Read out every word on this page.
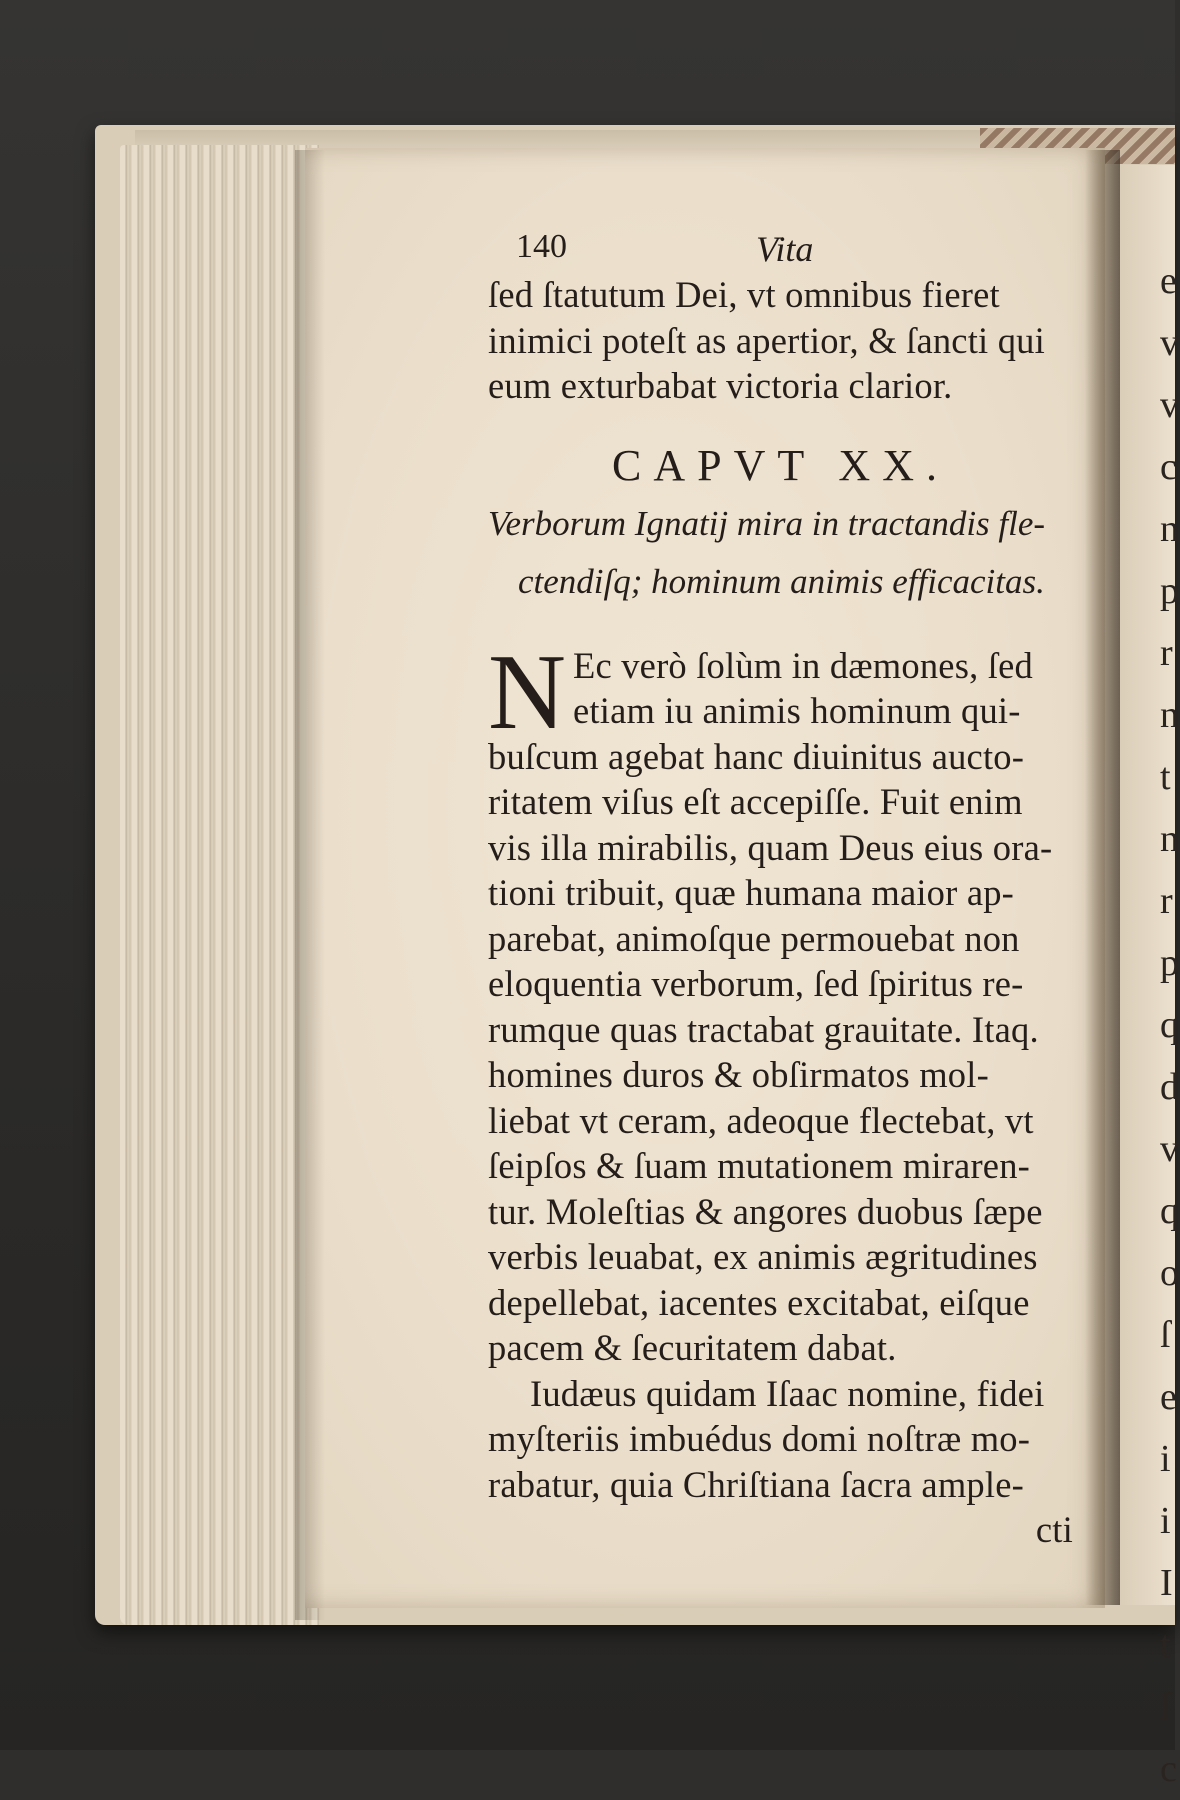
e
v
v
c
n
p
r
n
t
n
r
p
q
d
v
q
o
ſ
e
i
i
I
t
ſ
c
140	Vita
ſed ſtatutum Dei, vt omnibus fieret
inimici poteſt as apertior, & ſancti qui
eum exturbabat victoria clarior.
CAPVT XX.
Verborum Ignatij mira in tractandis fle-
ctendiſq; hominum animis efficacitas.
N Ec verò ſolùm in dæmones, ſed
etiam iu animis hominum qui-
buſcum agebat hanc diuinitus aucto-
ritatem viſus eſt accepiſſe. Fuit enim
vis illa mirabilis, quam Deus eius ora-
tioni tribuit, quæ humana maior ap-
parebat, animoſque permouebat non
eloquentia verborum, ſed ſpiritus re-
rumque quas tractabat grauitate. Itaq.
homines duros & obſirmatos mol-
liebat vt ceram, adeoque flectebat, vt
ſeipſos & ſuam mutationem miraren-
tur. Moleſtias & angores duobus ſæpe
verbis leuabat, ex animis ægritudines
depellebat, iacentes excitabat, eiſque
pacem & ſecuritatem dabat.
Iudæus quidam Iſaac nomine, fidei
myſteriis imbuédus domi noſtræ mo-
rabatur, quia Chriſtiana ſacra ample-
cti
